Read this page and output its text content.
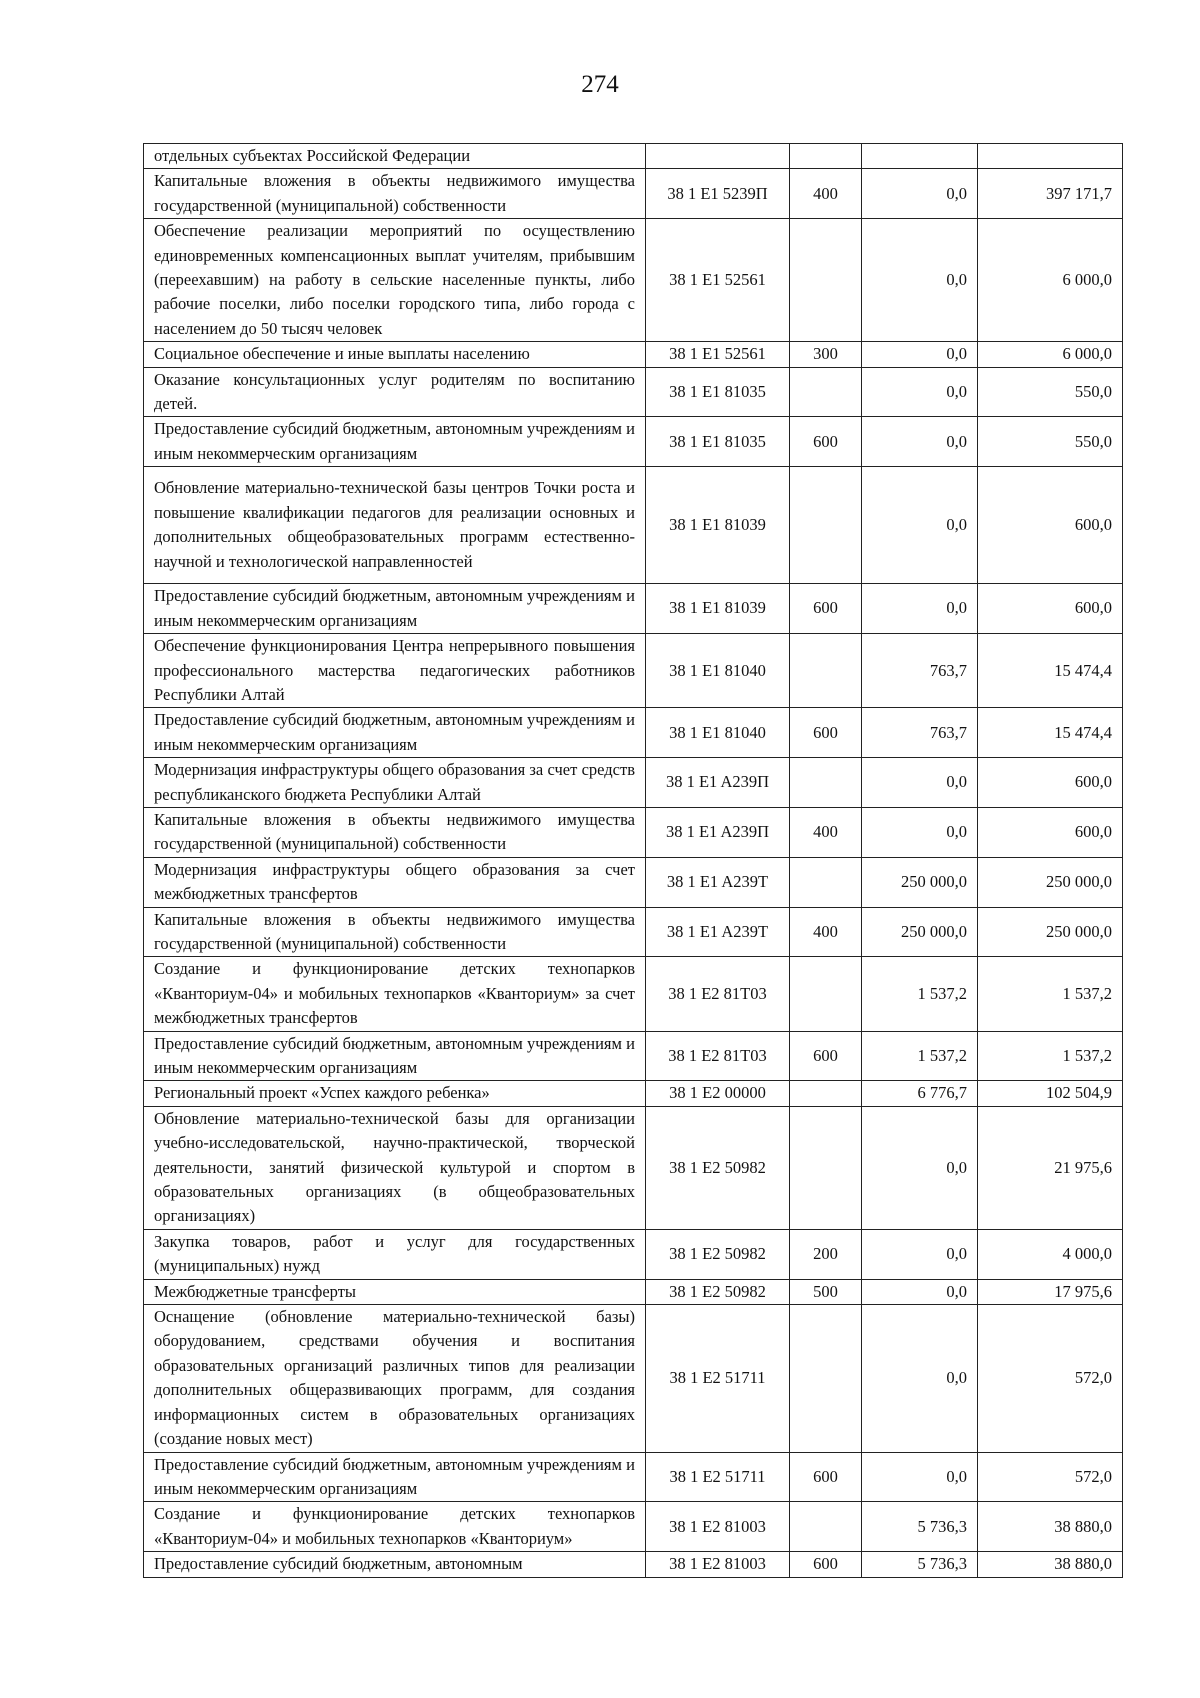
274
отдельных субъектах Российской Федерации				
Капитальные вложения в объекты недвижимого имущества государственной (муниципальной) собственности	38 1 E1 5239П	400	0,0	397 171,7
Обеспечение реализации мероприятий по осуществлению единовременных компенсационных выплат учителям, прибывшим (переехавшим) на работу в сельские населенные пункты, либо рабочие поселки, либо поселки городского типа, либо города с населением до 50 тысяч человек	38 1 E1 52561		0,0	6 000,0
Социальное обеспечение и иные выплаты населению	38 1 E1 52561	300	0,0	6 000,0
Оказание консультационных услуг родителям по воспитанию детей.	38 1 E1 81035		0,0	550,0
Предоставление субсидий бюджетным, автономным учреждениям и иным некоммерческим организациям	38 1 E1 81035	600	0,0	550,0
Обновление материально-технической базы центров Точки роста и повышение квалификации педагогов для реализации основных и дополнительных общеобразовательных программ естественно-научной и технологической направленностей	38 1 E1 81039		0,0	600,0
Предоставление субсидий бюджетным, автономным учреждениям и иным некоммерческим организациям	38 1 E1 81039	600	0,0	600,0
Обеспечение функционирования Центра непрерывного повышения профессионального мастерства педагогических работников Республики Алтай	38 1 E1 81040		763,7	15 474,4
Предоставление субсидий бюджетным, автономным учреждениям и иным некоммерческим организациям	38 1 E1 81040	600	763,7	15 474,4
Модернизация инфраструктуры общего образования за счет средств республиканского бюджета Республики Алтай	38 1 E1 A239П		0,0	600,0
Капитальные вложения в объекты недвижимого имущества государственной (муниципальной) собственности	38 1 E1 A239П	400	0,0	600,0
Модернизация инфраструктуры общего образования за счет межбюджетных трансфертов	38 1 E1 A239T		250 000,0	250 000,0
Капитальные вложения в объекты недвижимого имущества государственной (муниципальной) собственности	38 1 E1 A239T	400	250 000,0	250 000,0
Создание и функционирование детских технопарков «Кванториум-04» и мобильных технопарков «Кванториум» за счет межбюджетных трансфертов	38 1 E2 81T03		1 537,2	1 537,2
Предоставление субсидий бюджетным, автономным учреждениям и иным некоммерческим организациям	38 1 E2 81T03	600	1 537,2	1 537,2
Региональный проект «Успех каждого ребенка»	38 1 E2 00000		6 776,7	102 504,9
Обновление материально-технической базы для организации учебно-исследовательской, научно-практической, творческой деятельности, занятий физической культурой и спортом в образовательных организациях (в общеобразовательных организациях)	38 1 E2 50982		0,0	21 975,6
Закупка товаров, работ и услуг для государственных (муниципальных) нужд	38 1 E2 50982	200	0,0	4 000,0
Межбюджетные трансферты	38 1 E2 50982	500	0,0	17 975,6
Оснащение (обновление материально-технической базы) оборудованием, средствами обучения и воспитания образовательных организаций различных типов для реализации дополнительных общеразвивающих программ, для создания информационных систем в образовательных организациях (создание новых мест)	38 1 E2 51711		0,0	572,0
Предоставление субсидий бюджетным, автономным учреждениям и иным некоммерческим организациям	38 1 E2 51711	600	0,0	572,0
Создание и функционирование детских технопарков «Кванториум-04» и мобильных технопарков «Кванториум»	38 1 E2 81003		5 736,3	38 880,0
Предоставление субсидий бюджетным, автономным	38 1 E2 81003	600	5 736,3	38 880,0
